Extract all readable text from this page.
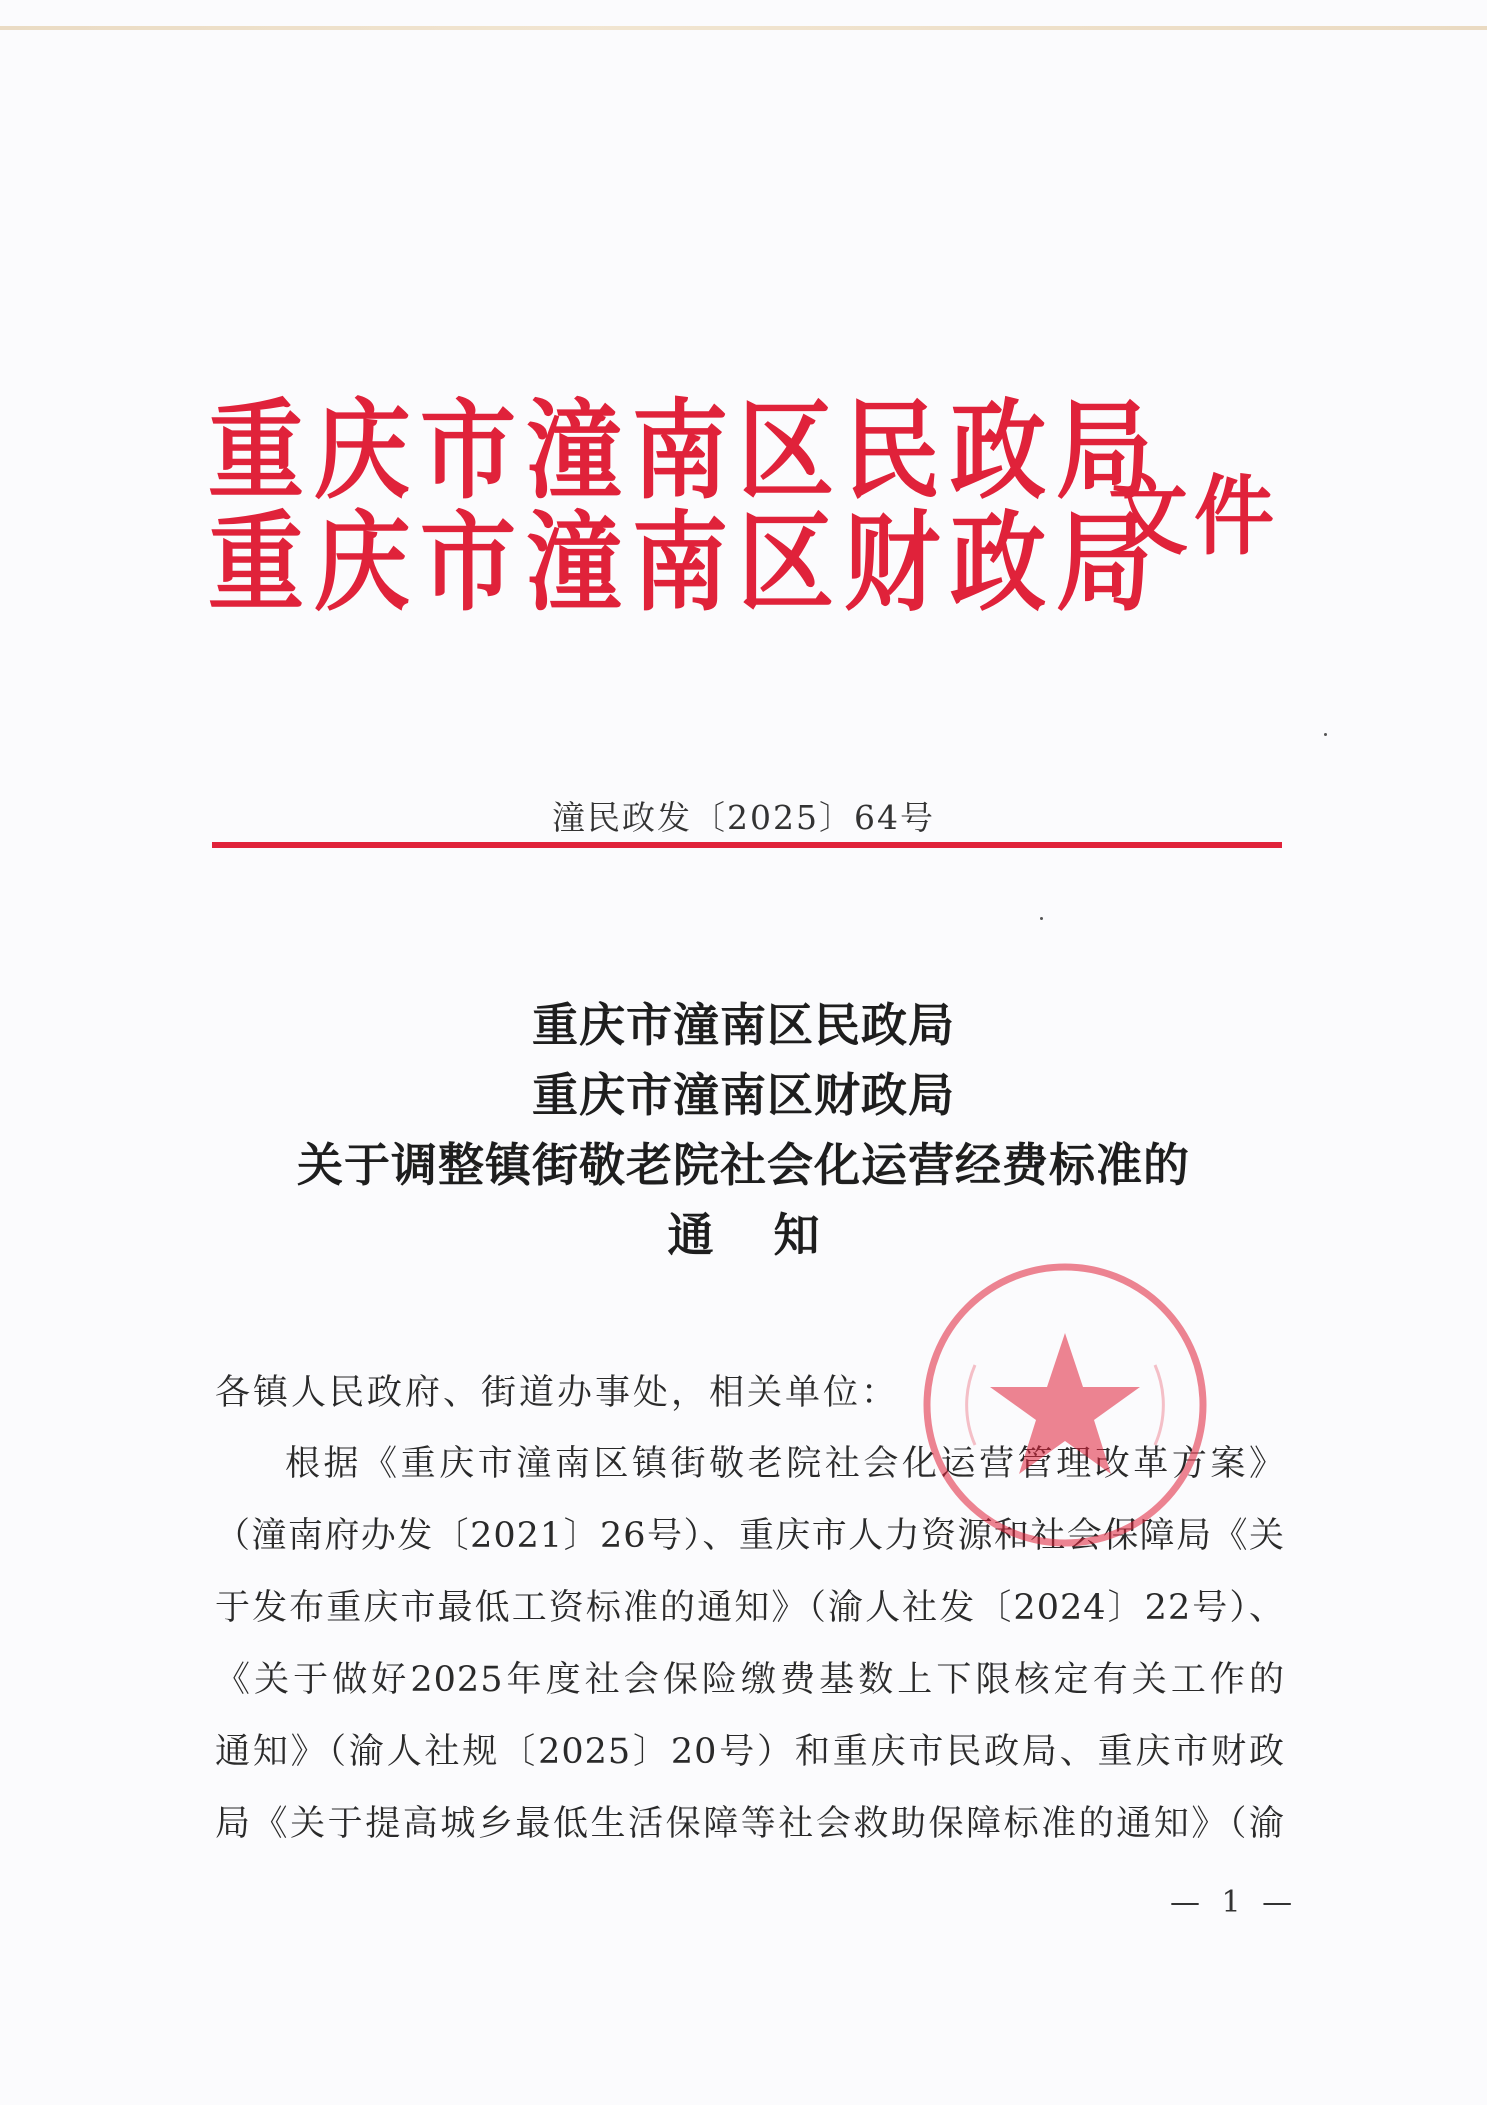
重庆市潼南区民政局
重庆市潼南区财政局
文件
潼民政发〔2025〕64号
重庆市潼南区民政局
重庆市潼南区财政局
关于调整镇街敬老院社会化运营经费标准的
通知
各镇人民政府、街道办事处，相关单位：
根据《重庆市潼南区镇街敬老院社会化运营管理改革方案》
（潼南府办发〔2021〕26号）、重庆市人力资源和社会保障局《关
于发布重庆市最低工资标准的通知》（渝人社发〔2024〕22号）、
《关于做好2025年度社会保险缴费基数上下限核定有关工作的
通知》（渝人社规〔2025〕20号）和重庆市民政局、重庆市财政
局《关于提高城乡最低生活保障等社会救助保障标准的通知》（渝
— 1 —
